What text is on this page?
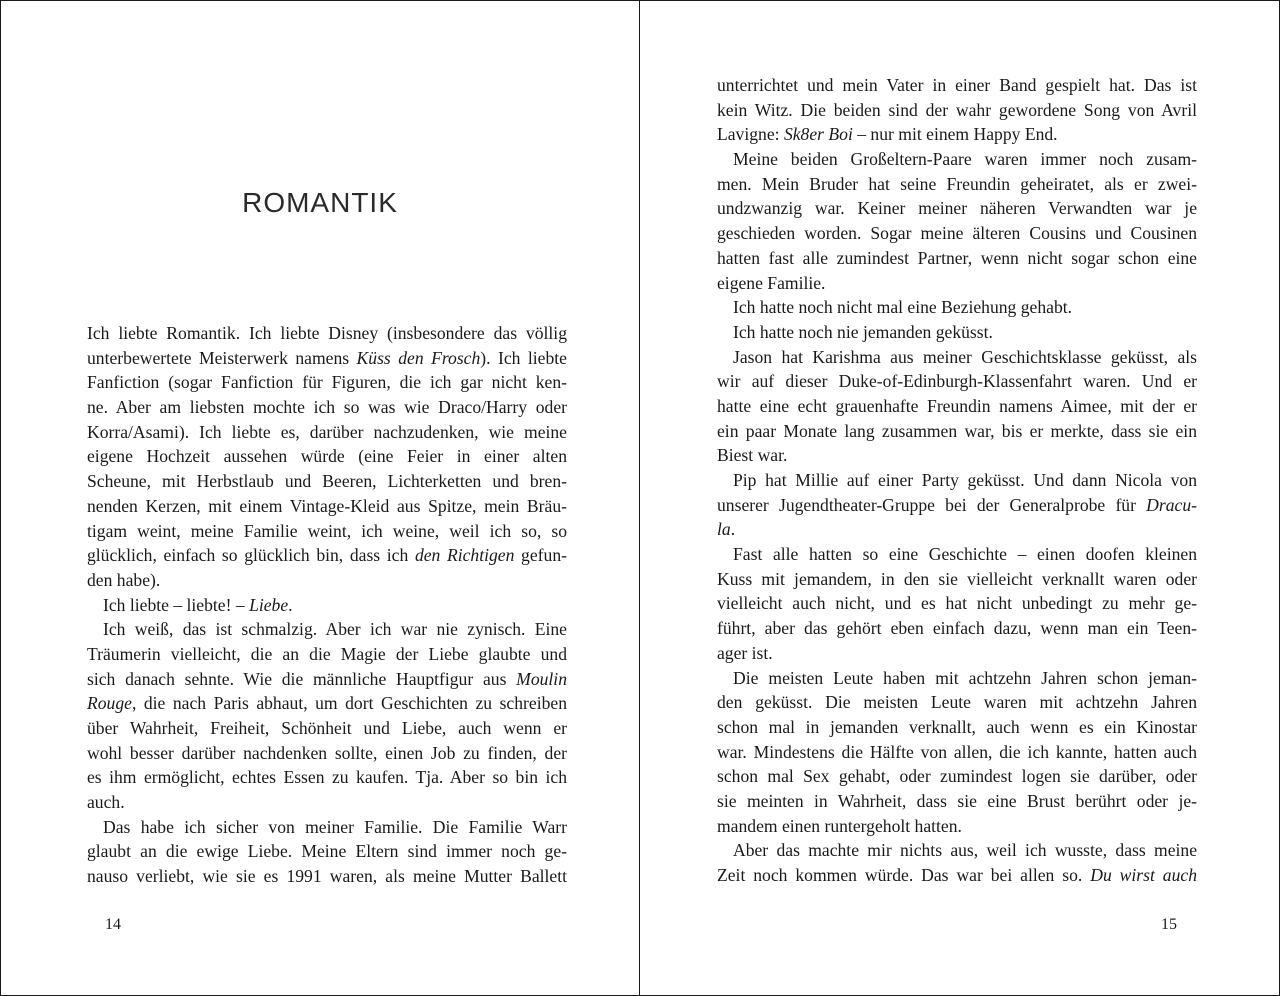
ROMANTIK
Ich liebte Romantik. Ich liebte Disney (insbesondere das völlig
unterbewertete Meisterwerk namens Küss den Frosch). Ich liebte
Fanfiction (sogar Fanfiction für Figuren, die ich gar nicht ken-
ne. Aber am liebsten mochte ich so was wie Draco/Harry oder
Korra/Asami). Ich liebte es, darüber nachzudenken, wie meine
eigene Hochzeit aussehen würde (eine Feier in einer alten
Scheune, mit Herbstlaub und Beeren, Lichterketten und bren-
nenden Kerzen, mit einem Vintage-Kleid aus Spitze, mein Bräu-
tigam weint, meine Familie weint, ich weine, weil ich so, so
glücklich, einfach so glücklich bin, dass ich den Richtigen gefun-
den habe).
Ich liebte – liebte! – Liebe.
Ich weiß, das ist schmalzig. Aber ich war nie zynisch. Eine
Träumerin vielleicht, die an die Magie der Liebe glaubte und
sich danach sehnte. Wie die männliche Hauptfigur aus Moulin
Rouge, die nach Paris abhaut, um dort Geschichten zu schreiben
über Wahrheit, Freiheit, Schönheit und Liebe, auch wenn er
wohl besser darüber nachdenken sollte, einen Job zu finden, der
es ihm ermöglicht, echtes Essen zu kaufen. Tja. Aber so bin ich
auch.
Das habe ich sicher von meiner Familie. Die Familie Warr
glaubt an die ewige Liebe. Meine Eltern sind immer noch ge-
nauso verliebt, wie sie es 1991 waren, als meine Mutter Ballett
14
unterrichtet und mein Vater in einer Band gespielt hat. Das ist
kein Witz. Die beiden sind der wahr gewordene Song von Avril
Lavigne: Sk8er Boi – nur mit einem Happy End.
Meine beiden Großeltern-Paare waren immer noch zusam-
men. Mein Bruder hat seine Freundin geheiratet, als er zwei-
undzwanzig war. Keiner meiner näheren Verwandten war je
geschieden worden. Sogar meine älteren Cousins und Cousinen
hatten fast alle zumindest Partner, wenn nicht sogar schon eine
eigene Familie.
Ich hatte noch nicht mal eine Beziehung gehabt.
Ich hatte noch nie jemanden geküsst.
Jason hat Karishma aus meiner Geschichtsklasse geküsst, als
wir auf dieser Duke-of-Edinburgh-Klassenfahrt waren. Und er
hatte eine echt grauenhafte Freundin namens Aimee, mit der er
ein paar Monate lang zusammen war, bis er merkte, dass sie ein
Biest war.
Pip hat Millie auf einer Party geküsst. Und dann Nicola von
unserer Jugendtheater-Gruppe bei der Generalprobe für Dracu-
la.
Fast alle hatten so eine Geschichte – einen doofen kleinen
Kuss mit jemandem, in den sie vielleicht verknallt waren oder
vielleicht auch nicht, und es hat nicht unbedingt zu mehr ge-
führt, aber das gehört eben einfach dazu, wenn man ein Teen-
ager ist.
Die meisten Leute haben mit achtzehn Jahren schon jeman-
den geküsst. Die meisten Leute waren mit achtzehn Jahren
schon mal in jemanden verknallt, auch wenn es ein Kinostar
war. Mindestens die Hälfte von allen, die ich kannte, hatten auch
schon mal Sex gehabt, oder zumindest logen sie darüber, oder
sie meinten in Wahrheit, dass sie eine Brust berührt oder je-
mandem einen runtergeholt hatten.
Aber das machte mir nichts aus, weil ich wusste, dass meine
Zeit noch kommen würde. Das war bei allen so. Du wirst auch
15
